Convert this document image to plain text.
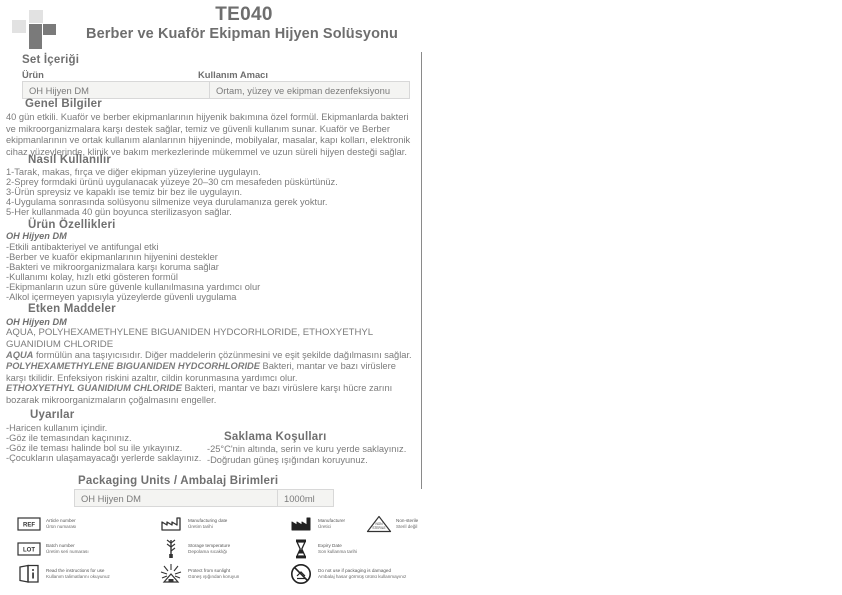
TE040
Berber ve Kuaför Ekipman Hijyen Solüsyonu
Set İçeriği
Ürün	Kullanım Amacı
OH Hijyen DM	Ortam, yüzey ve ekipman dezenfeksiyonu
Genel Bilgiler
40 gün etkili. Kuaför ve berber ekipmanlarının hijyenik bakımına özel formül. Ekipmanlarda bakteri ve mikroorganizmalara karşı destek sağlar, temiz ve güvenli kullanım sunar. Kuaför ve Berber ekipmanlarının ve ortak kullanım alanlarının hijyeninde, mobilyalar, masalar, kapı kolları, elektronik cihaz yüzeylerinde, klinik ve bakım merkezlerinde mükemmel ve uzun süreli hijyen desteği sağlar.
Nasıl Kullanılır
1-Tarak, makas, fırça ve diğer ekipman yüzeylerine uygulayın.
2-Sprey formdaki ürünü uygulanacak yüzeye 20–30 cm mesafeden püskürtünüz.
3-Ürün spreysiz ve kapaklı ise temiz bir bez ile uygulayın.
4-Uygulama sonrasında solüsyonu silmenize veya durulamanıza gerek yoktur.
5-Her kullanmada 40 gün boyunca sterilizasyon sağlar.
Ürün Özellikleri
OH Hijyen DM
-Etkili antibakteriyel ve antifungal etki
-Berber ve kuaför ekipmanlarının hijyenini destekler
-Bakteri ve mikroorganizmalara karşı koruma sağlar
-Kullanımı kolay, hızlı etki gösteren formül
-Ekipmanların uzun süre güvenle kullanılmasına yardımcı olur
-Alkol içermeyen yapısıyla yüzeylerde güvenli uygulama
Etken Maddeler
OH Hijyen DM
AQUA, POLYHEXAMETHYLENE BIGUANIDEN HYDCORHLORIDE, ETHOXYETHYL GUANIDIUM CHLORIDE
AQUA formülün ana taşıyıcısıdır. Diğer maddelerin çözünmesini ve eşit şekilde dağılmasını sağlar.
POLYHEXAMETHYLENE BIGUANIDEN HYDCORHLORIDE Bakteri, mantar ve bazı virüslere karşı tkilidir. Enfeksiyon riskini azaltır, cildin korunmasına yardımcı olur.
ETHOXYETHYL GUANIDIUM CHLORIDE Bakteri, mantar ve bazı virüslere karşı hücre zarını bozarak mikroorganizmaların çoğalmasını engeller.
Uyarılar
-Haricen kullanım içindir.
-Göz ile temasından kaçınınız.
-Göz ile teması halinde bol su ile yıkayınız.
-Çocukların ulaşamayacağı yerlerde saklayınız.
Saklama Koşulları
-25°C'nin altında, serin ve kuru yerde saklayınız.
-Doğrudan güneş ışığından koruyunuz.
Packaging Units / Ambalaj Birimleri
OH Hijyen DM	1000ml
REF
Article number
Ürün numarası
LOT
Batch number
Üretim seri numarası
Read the instructions for use
Kullanım talimatlarını okuyunuz
Manufacturing date
Üretim tarihi
Storage temperature
Depolama sıcaklığı
Protect from sunlight
Güneş ışığından koruyun
Manufacturer
Üretici
Expiry Date
Son kullanma tarihi
Do not use if packaging is damaged
Ambalaj hasar görmüş ürünü kullanmayınız
NON
STERILE
Non-sterile
Steril değil
